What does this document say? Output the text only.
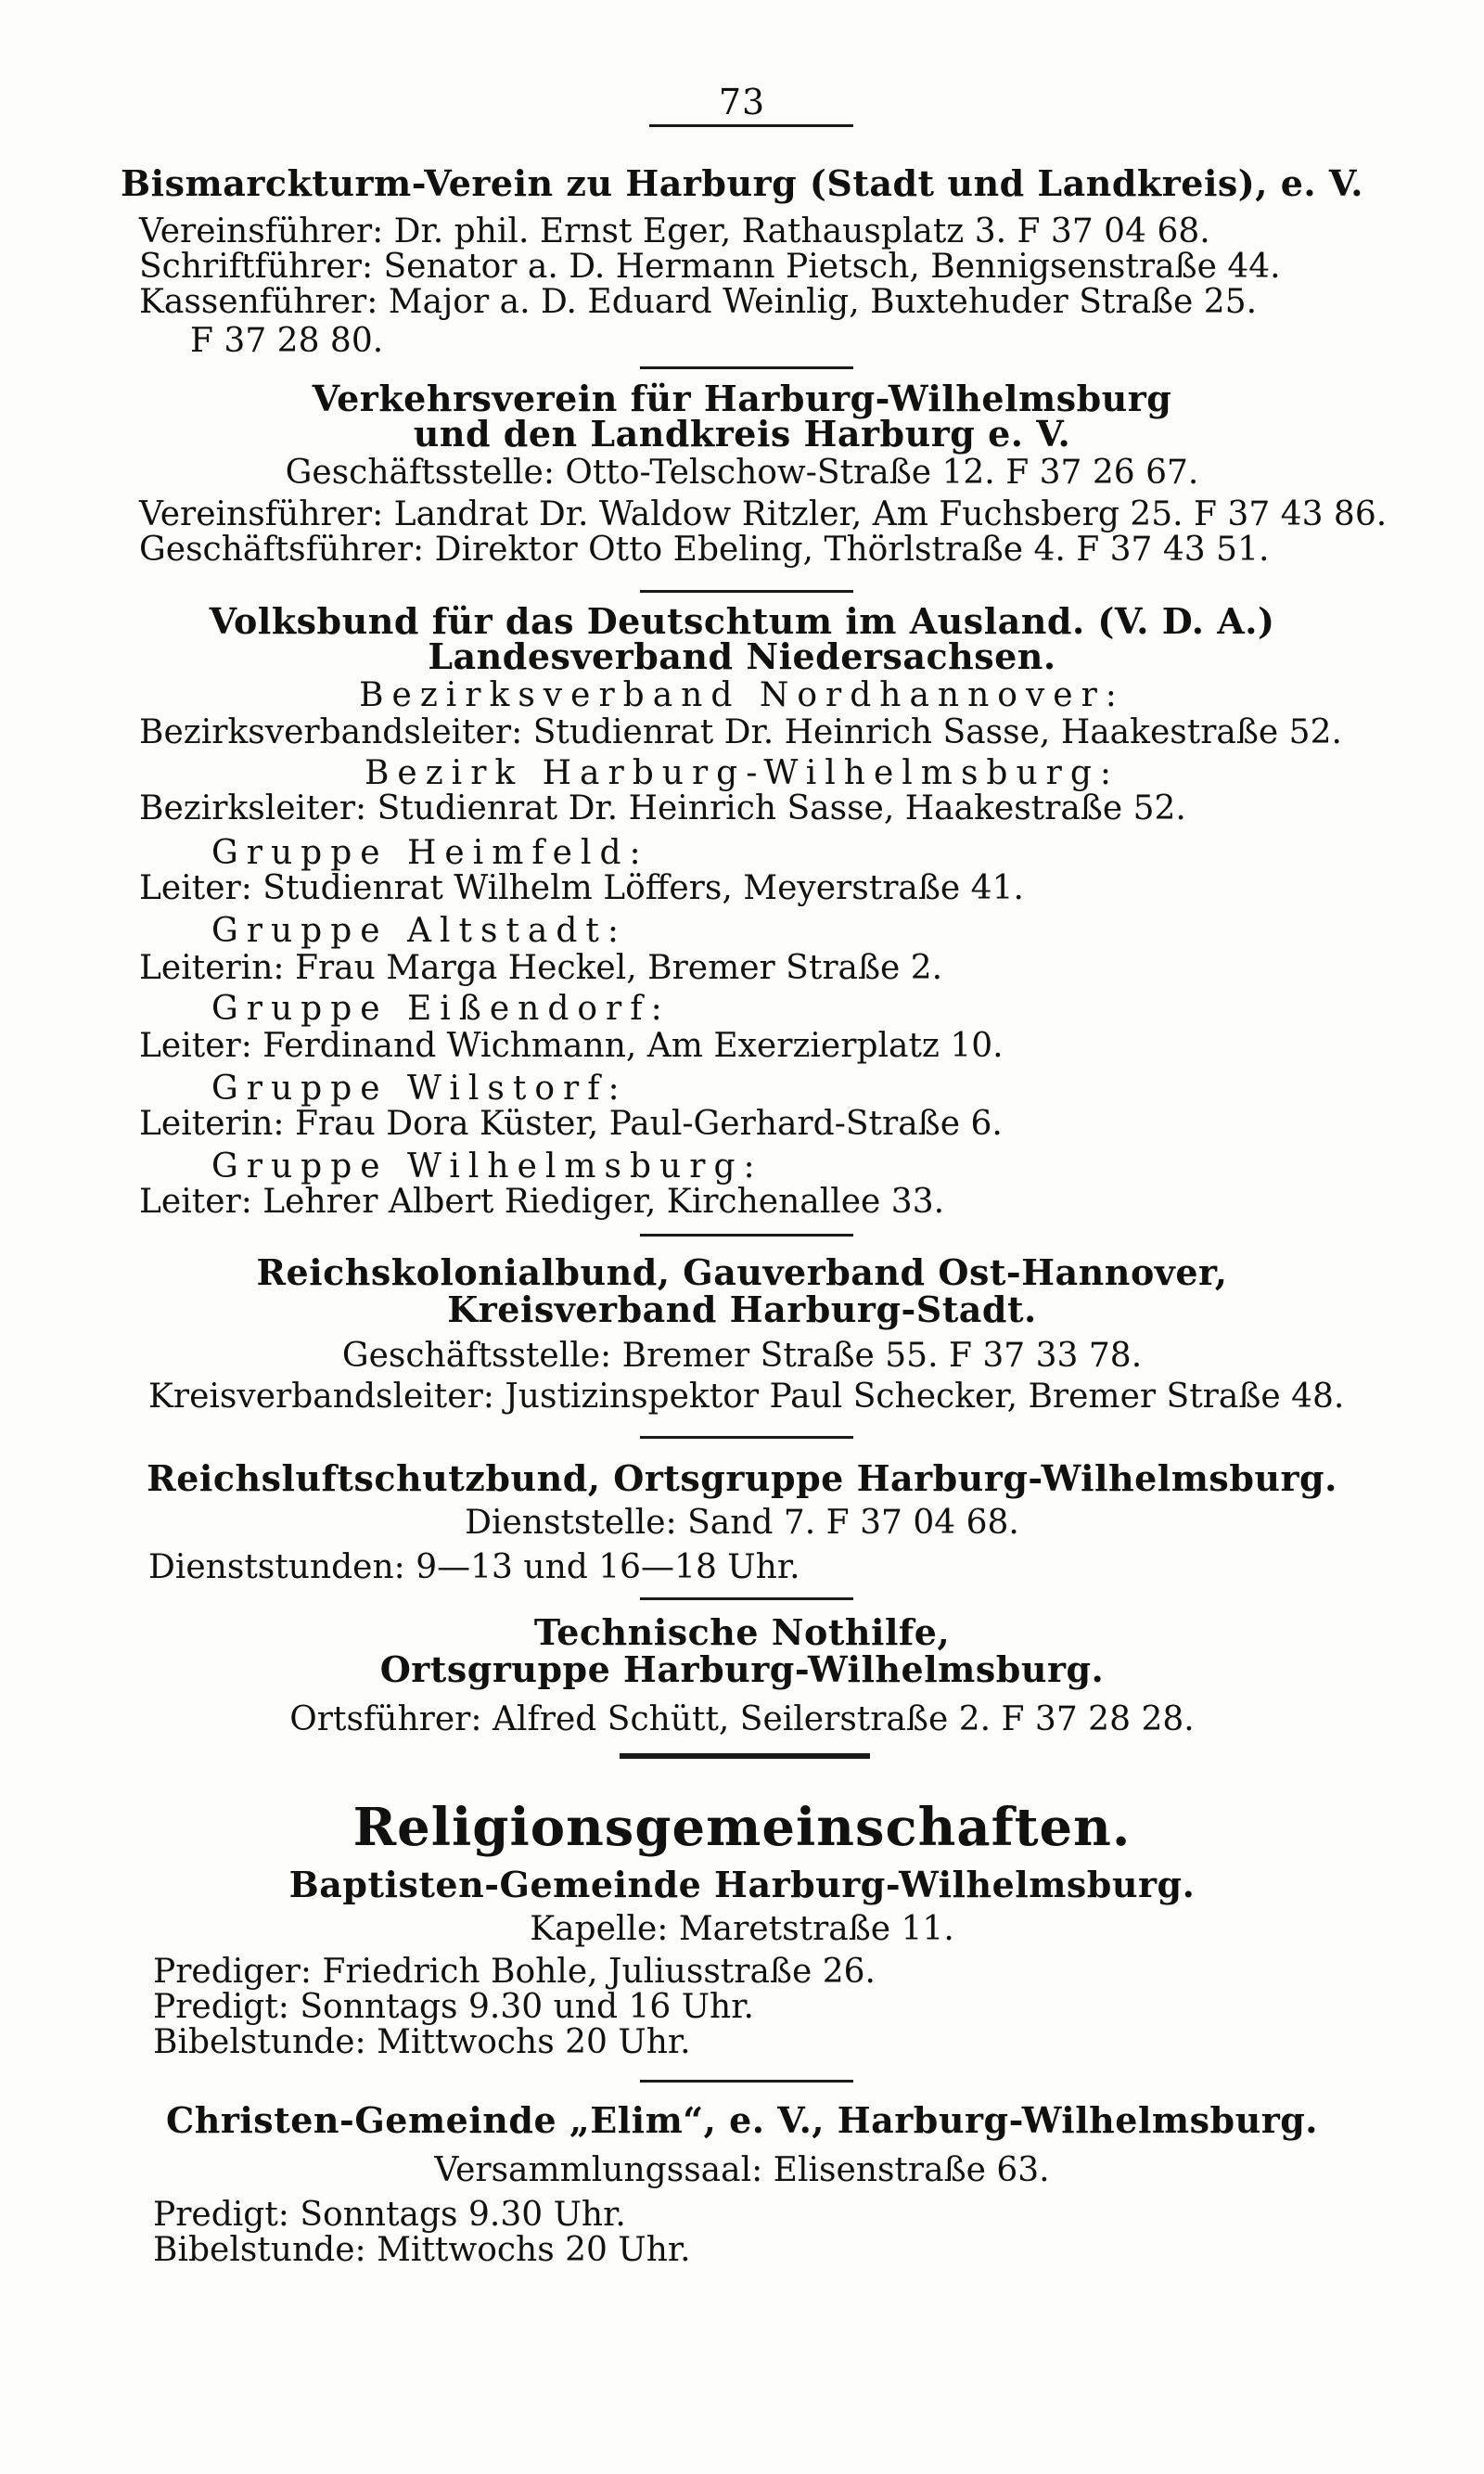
73
Bismarckturm-Verein zu Harburg (Stadt und Landkreis), e. V.
Vereinsführer: Dr. phil. Ernst Eger, Rathausplatz 3. F 37 04 68.
Schriftführer: Senator a. D. Hermann Pietsch, Bennigsenstraße 44.
Kassenführer: Major a. D. Eduard Weinlig, Buxtehuder Straße 25.
F 37 28 80.
Verkehrsverein für Harburg-Wilhelmsburg
und den Landkreis Harburg e. V.
Geschäftsstelle: Otto-Telschow-Straße 12. F 37 26 67.
Vereinsführer: Landrat Dr. Waldow Ritzler, Am Fuchsberg 25. F 37 43 86.
Geschäftsführer: Direktor Otto Ebeling, Thörlstraße 4. F 37 43 51.
Volksbund für das Deutschtum im Ausland. (V. D. A.)
Landesverband Niedersachsen.
Bezirksverband Nordhannover:
Bezirksverbandsleiter: Studienrat Dr. Heinrich Sasse, Haakestraße 52.
Bezirk Harburg-Wilhelmsburg:
Bezirksleiter: Studienrat Dr. Heinrich Sasse, Haakestraße 52.
Gruppe Heimfeld:
Leiter: Studienrat Wilhelm Löffers, Meyerstraße 41.
Gruppe Altstadt:
Leiterin: Frau Marga Heckel, Bremer Straße 2.
Gruppe Eißendorf:
Leiter: Ferdinand Wichmann, Am Exerzierplatz 10.
Gruppe Wilstorf:
Leiterin: Frau Dora Küster, Paul-Gerhard-Straße 6.
Gruppe Wilhelmsburg:
Leiter: Lehrer Albert Riediger, Kirchenallee 33.
Reichskolonialbund, Gauverband Ost-Hannover,
Kreisverband Harburg-Stadt.
Geschäftsstelle: Bremer Straße 55. F 37 33 78.
Kreisverbandsleiter: Justizinspektor Paul Schecker, Bremer Straße 48.
Reichsluftschutzbund, Ortsgruppe Harburg-Wilhelmsburg.
Dienststelle: Sand 7. F 37 04 68.
Dienststunden: 9—13 und 16—18 Uhr.
Technische Nothilfe,
Ortsgruppe Harburg-Wilhelmsburg.
Ortsführer: Alfred Schütt, Seilerstraße 2. F 37 28 28.
Religionsgemeinschaften.
Baptisten-Gemeinde Harburg-Wilhelmsburg.
Kapelle: Maretstraße 11.
Prediger: Friedrich Bohle, Juliusstraße 26.
Predigt: Sonntags 9.30 und 16 Uhr.
Bibelstunde: Mittwochs 20 Uhr.
Christen-Gemeinde „Elim“, e. V., Harburg-Wilhelmsburg.
Versammlungssaal: Elisenstraße 63.
Predigt: Sonntags 9.30 Uhr.
Bibelstunde: Mittwochs 20 Uhr.
